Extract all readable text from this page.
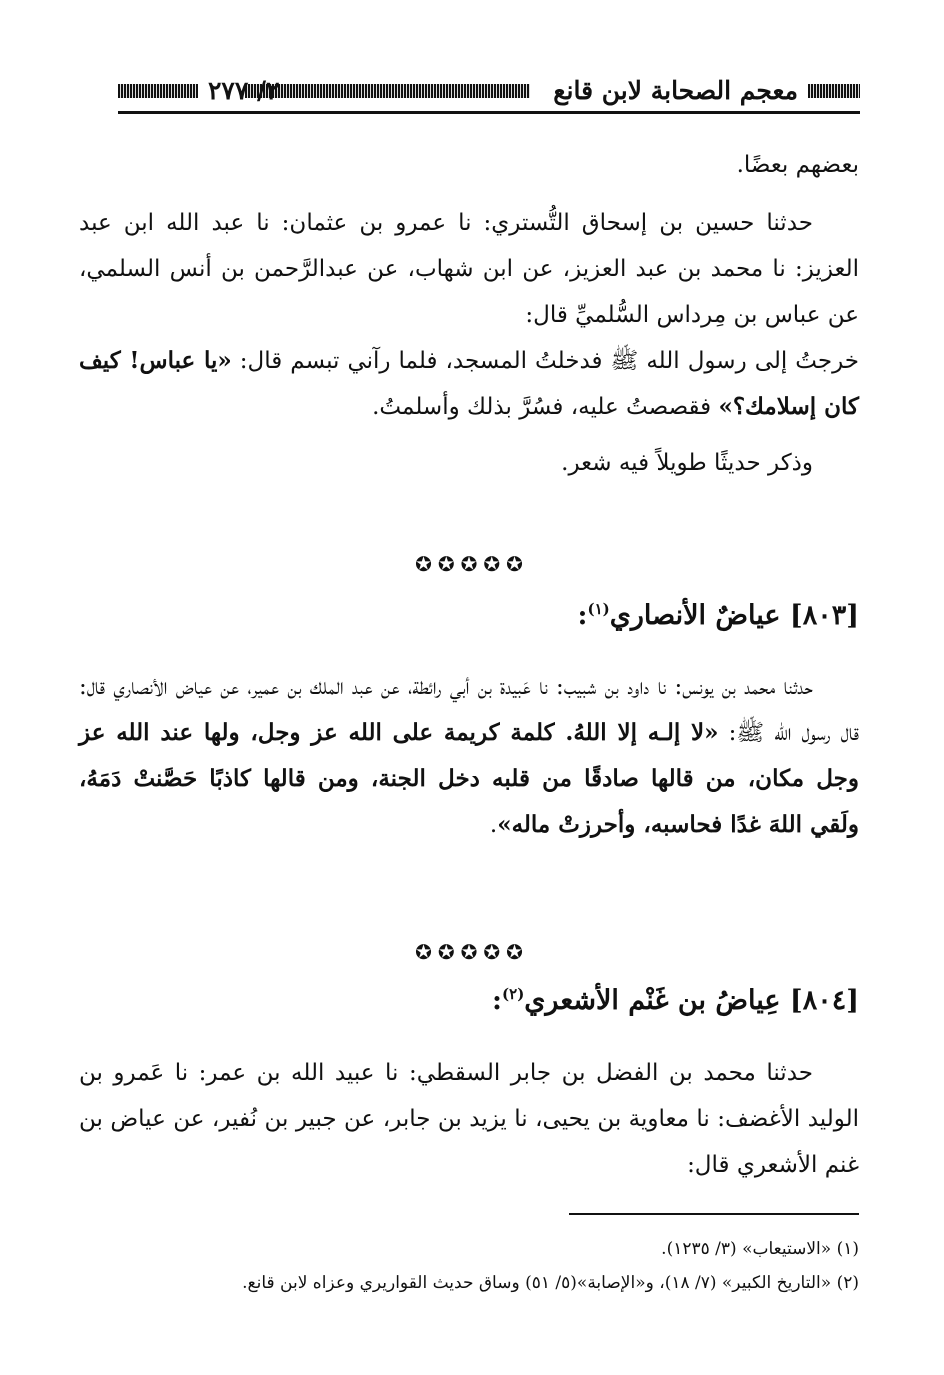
معجم الصحابة لابن قانع
٢/ ٢٧٧

بعضهم بعضًا.

حدثنا حسين بن إسحاق التُّستري: نا عمرو بن عثمان: نا عبد الله ابن عبد العزيز: نا محمد بن عبد العزيز، عن ابن شهاب، عن عبدالرَّحمن بن أنس السلمي، عن عباس بن مِرداس السُّلميِّ قال:

خرجتُ إلى رسول الله ﷺ فدخلتُ المسجد، فلما رآني تبسم قال: «يا عباس! كيف كان إسلامك؟» فقصصتُ عليه، فسُرَّ بذلك وأسلمتُ.

وذكر حديثًا طويلاً فيه شعر.

✪✪✪✪✪
[٨٠٣] عياضٌ الأنصاري$^{(١)}$:

حدثنا محمد بن يونس: نا داود بن شبيب: نا عَبيدة بن أبي رائطة، عن عبد الملك بن عمير، عن عياض الأنصاري قال: قال رسول الله ﷺ: «لا إلـه إلا اللهُ. كلمة كريمة على الله عز وجل، ولها عند الله عز وجل مكان، من قالها صادقًا من قلبه دخل الجنة، ومن قالها كاذبًا حَصَّنتْ دَمَهُ، ولَقي اللهَ غدًا فحاسبه، وأحرزتْ ماله».

✪✪✪✪✪
[٨٠٤] عِياضُ بن غَنْم الأشعري$^{(٢)}$:

حدثنا محمد بن الفضل بن جابر السقطي: نا عبيد الله بن عمر: نا عَمرو بن الوليد الأغضف: نا معاوية بن يحيى، نا يزيد بن جابر، عن جبير بن نُفير، عن عياض بن غنم الأشعري قال:

(١) «الاستيعاب» (٣/ ١٢٣٥).

(٢) «التاريخ الكبير» (٧/ ١٨)، و«الإصابة»(٥/ ٥١) وساق حديث القواريري وعزاه لابن قانع.
